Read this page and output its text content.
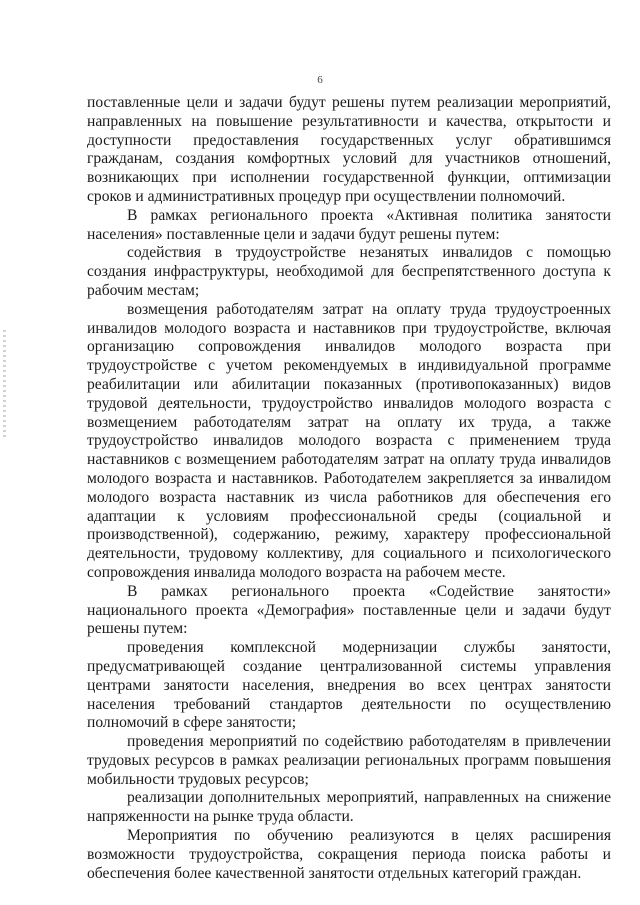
6

поставленные цели и задачи будут решены путем реализации мероприятий, направленных на повышение результативности и качества, открытости и доступности предоставления государственных услуг обратившимся гражданам, создания комфортных условий для участников отношений, возникающих при исполнении государственной функции, оптимизации сроков и административных процедур при осуществлении полномочий.

В рамках регионального проекта «Активная политика занятости населения» поставленные цели и задачи будут решены путем:

содействия в трудоустройстве незанятых инвалидов с помощью создания инфраструктуры, необходимой для беспрепятственного доступа к рабочим местам;

возмещения работодателям затрат на оплату труда трудоустроенных инвалидов молодого возраста и наставников при трудоустройстве, включая организацию сопровождения инвалидов молодого возраста при трудоустройстве с учетом рекомендуемых в индивидуальной программе реабилитации или абилитации показанных (противопоказанных) видов трудовой деятельности, трудоустройство инвалидов молодого возраста с возмещением работодателям затрат на оплату их труда, а также трудоустройство инвалидов молодого возраста с применением труда наставников с возмещением работодателям затрат на оплату труда инвалидов молодого возраста и наставников. Работодателем закрепляется за инвалидом молодого возраста наставник из числа работников для обеспечения его адаптации к условиям профессиональной среды (социальной и производственной), содержанию, режиму, характеру профессиональной деятельности, трудовому коллективу, для социального и психологического сопровождения инвалида молодого возраста на рабочем месте.

В рамках регионального проекта «Содействие занятости» национального проекта «Демография» поставленные цели и задачи будут решены путем:

проведения комплексной модернизации службы занятости, предусматривающей создание централизованной системы управления центрами занятости населения, внедрения во всех центрах занятости населения требований стандартов деятельности по осуществлению полномочий в сфере занятости;

проведения мероприятий по содействию работодателям в привлечении трудовых ресурсов в рамках реализации региональных программ повышения мобильности трудовых ресурсов;

реализации дополнительных мероприятий, направленных на снижение напряженности на рынке труда области.

Мероприятия по обучению реализуются в целях расширения возможности трудоустройства, сокращения периода поиска работы и обеспечения более качественной занятости отдельных категорий граждан.
